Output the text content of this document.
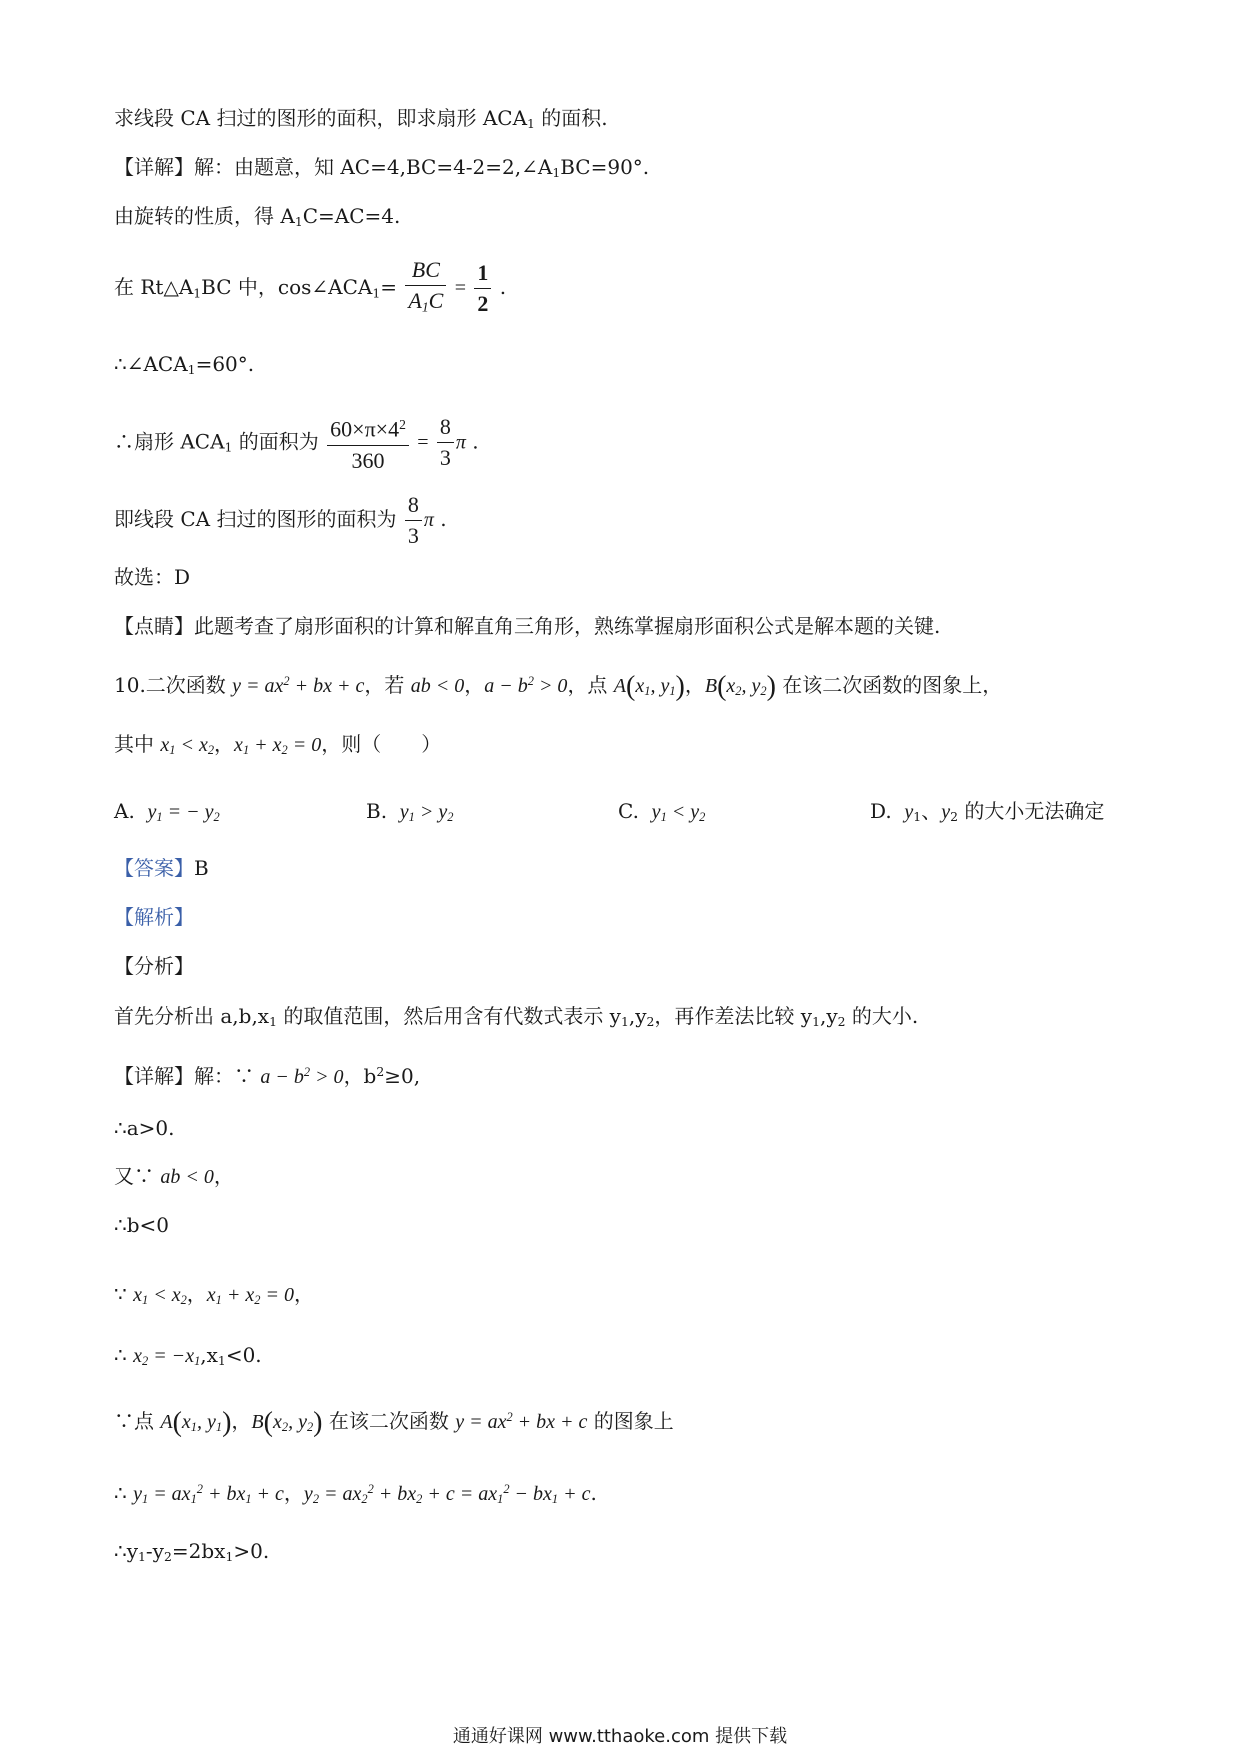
求线段 CA 扫过的图形的面积，即求扇形 $ACA_1$ 的面积.
【详解】解：由题意，知 $AC=4,BC=4-2=2,\angle A_1BC=90^\circ$.
由旋转的性质，得 $A_1C=AC=4$.
在 $Rt\triangle A_1BC$ 中，$\cos\angle ACA_1= \frac{BC}{A_1C} = \frac{1}{2}$ .
$\therefore\angle ACA_1=60^\circ$.
∴扇形 $ACA_1$ 的面积为 $\frac{60\times\pi\times 4^2}{360} = \frac{8}{3}$ π .
即线段 CA 扫过的图形的面积为 $\frac{8}{3}$ π .
故选：D
【点睛】此题考查了扇形面积的计算和解直角三角形，熟练掌握扇形面积公式是解本题的关键.
10.二次函数 $y = ax^2$ + bx + c，若 ab < 0，$a - b^2 > 0$，点 $A(x_1$, $y_1$)，$B(x_2$, $y_2$) 在该二次函数的图象上，
其中 $x_1 < x_2$，$x_1 + x_2 = 0$，则（　　）
A. $y_1$ = − $y_2$	B. $y_1 > y_2$	C. $y_1 < y_2$	D. $y_1$、$y_2$ 的大小无法确定
【答案】B
【解析】
【分析】
首先分析出 $a,b,x_1$ 的取值范围，然后用含有代数式表示 $y_1,y_2$，再作差法比较 $y_1,y_2$ 的大小.
【详解】解：∵ $a - b^2 > 0$，$b^2\ge 0$,
∴a>0.
又∵ ab < 0，
∴b<0
∵ $x_1 < x_2$，$x_1 + x_2 = 0$，
∴ $x_2 = -x_1,x_1<0$.
∵点 $A(x_1$, $y_1$)，$B(x_2$, $y_2$) 在该二次函数 $y = ax^2$ + bx + c 的图象上
∴ $y_1 = ax_1^2 + bx_1 + c$，$y_2 = ax_2^2 + bx_2 + c = ax_1^2 - bx_1 + c$.
$\therefore y_1-y_2=2bx_1>0$.
通通好课网 www.tthaoke.com 提供下载
